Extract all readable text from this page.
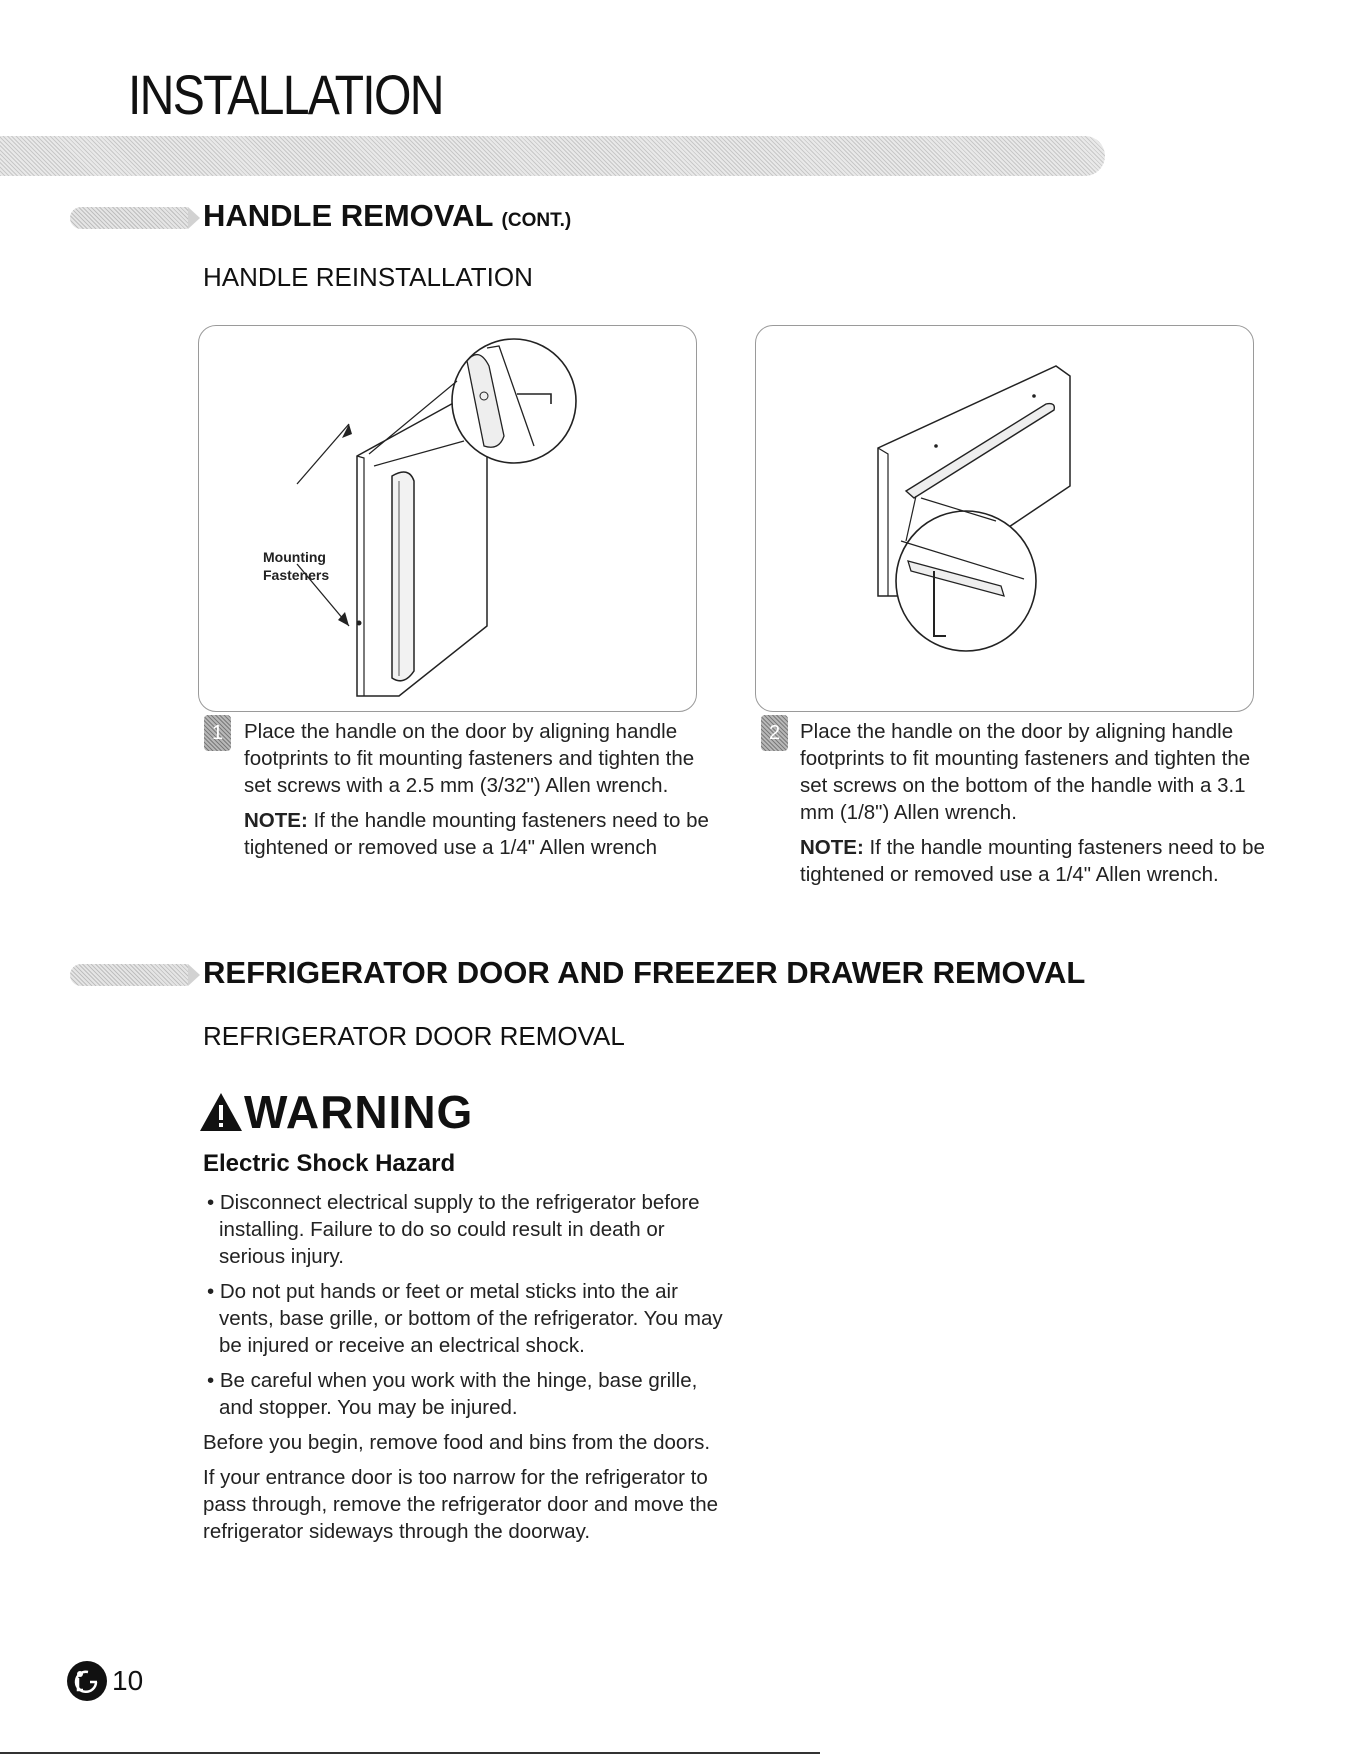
INSTALLATION
HANDLE REMOVAL (CONT.)
HANDLE REINSTALLATION
Mounting
Fasteners
1	Place the handle on the door by aligning handle footprints to fit mounting fasteners and tighten the set screws with a 2.5 mm (3/32") Allen wrench.

NOTE: If the handle mounting fasteners need to be tightened or removed use a 1/4" Allen wrench

2 Place the handle on the door by aligning handle footprints to fit mounting fasteners and tighten the set screws on the bottom of the handle with a 3.1 mm (1/8") Allen wrench.

NOTE: If the handle mounting fasteners need to be tightened or removed use a 1/4" Allen wrench.

REFRIGERATOR DOOR AND FREEZER DRAWER REMOVAL
REFRIGERATOR DOOR REMOVAL
WARNING
Electric Shock Hazard

• Disconnect electrical supply to the refrigerator before installing. Failure to do so could result in death or serious injury.

• Do not put hands or feet or metal sticks into the air vents, base grille, or bottom of the refrigerator. You may be injured or receive an electrical shock.

• Be careful when you work with the hinge, base grille, and stopper. You may be injured.

Before you begin, remove food and bins from the doors.

If your entrance door is too narrow for the refrigerator to pass through, remove the refrigerator door and move the refrigerator sideways through the doorway.

10
